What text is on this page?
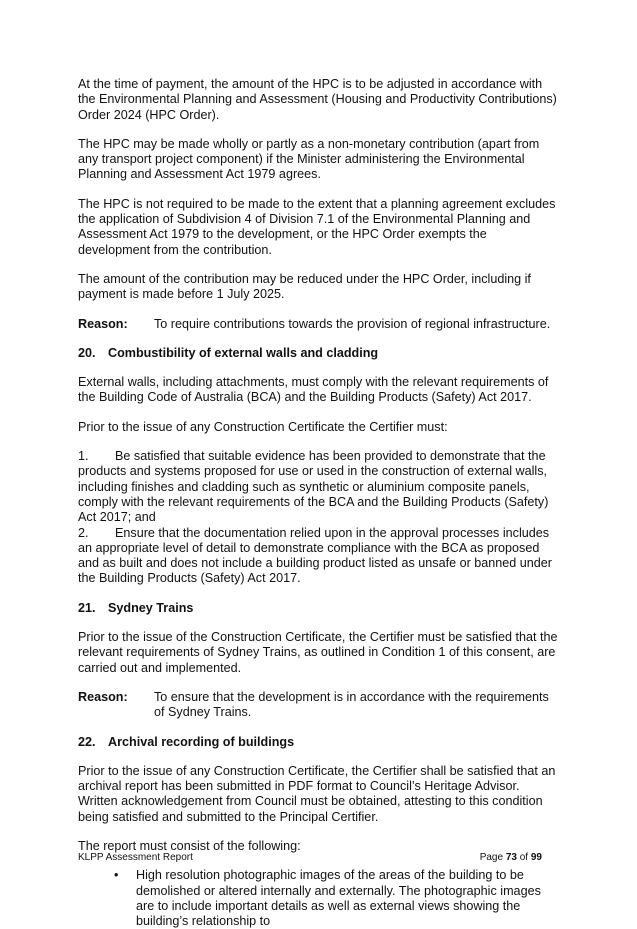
At the time of payment, the amount of the HPC is to be adjusted in accordance with the Environmental Planning and Assessment (Housing and Productivity Contributions) Order 2024 (HPC Order).

The HPC may be made wholly or partly as a non-monetary contribution (apart from any transport project component) if the Minister administering the Environmental Planning and Assessment Act 1979 agrees.

The HPC is not required to be made to the extent that a planning agreement excludes the application of Subdivision 4 of Division 7.1 of the Environmental Planning and Assessment Act 1979 to the development, or the HPC Order exempts the development from the contribution.

The amount of the contribution may be reduced under the HPC Order, including if payment is made before 1 July 2025.

Reason:	To require contributions towards the provision of regional infrastructure.
20. Combustibility of external walls and cladding

External walls, including attachments, must comply with the relevant requirements of the Building Code of Australia (BCA) and the Building Products (Safety) Act 2017.

Prior to the issue of any Construction Certificate the Certifier must:

1. Be satisfied that suitable evidence has been provided to demonstrate that the products and systems proposed for use or used in the construction of external walls, including finishes and cladding such as synthetic or aluminium composite panels, comply with the relevant requirements of the BCA and the Building Products (Safety) Act 2017; and
2. Ensure that the documentation relied upon in the approval processes includes an appropriate level of detail to demonstrate compliance with the BCA as proposed and as built and does not include a building product listed as unsafe or banned under the Building Products (Safety) Act 2017.
21. Sydney Trains

Prior to the issue of the Construction Certificate, the Certifier must be satisfied that the relevant requirements of Sydney Trains, as outlined in Condition 1 of this consent, are carried out and implemented.

Reason:	To ensure that the development is in accordance with the requirements of Sydney Trains.
22. Archival recording of buildings

Prior to the issue of any Construction Certificate, the Certifier shall be satisfied that an archival report has been submitted in PDF format to Council’s Heritage Advisor. Written acknowledgement from Council must be obtained, attesting to this condition being satisfied and submitted to the Principal Certifier.

The report must consist of the following:

•	High resolution photographic images of the areas of the building to be demolished or altered internally and externally. The photographic images are to include important details as well as external views showing the building’s relationship to
KLPP Assessment Report	Page 73 of 99
